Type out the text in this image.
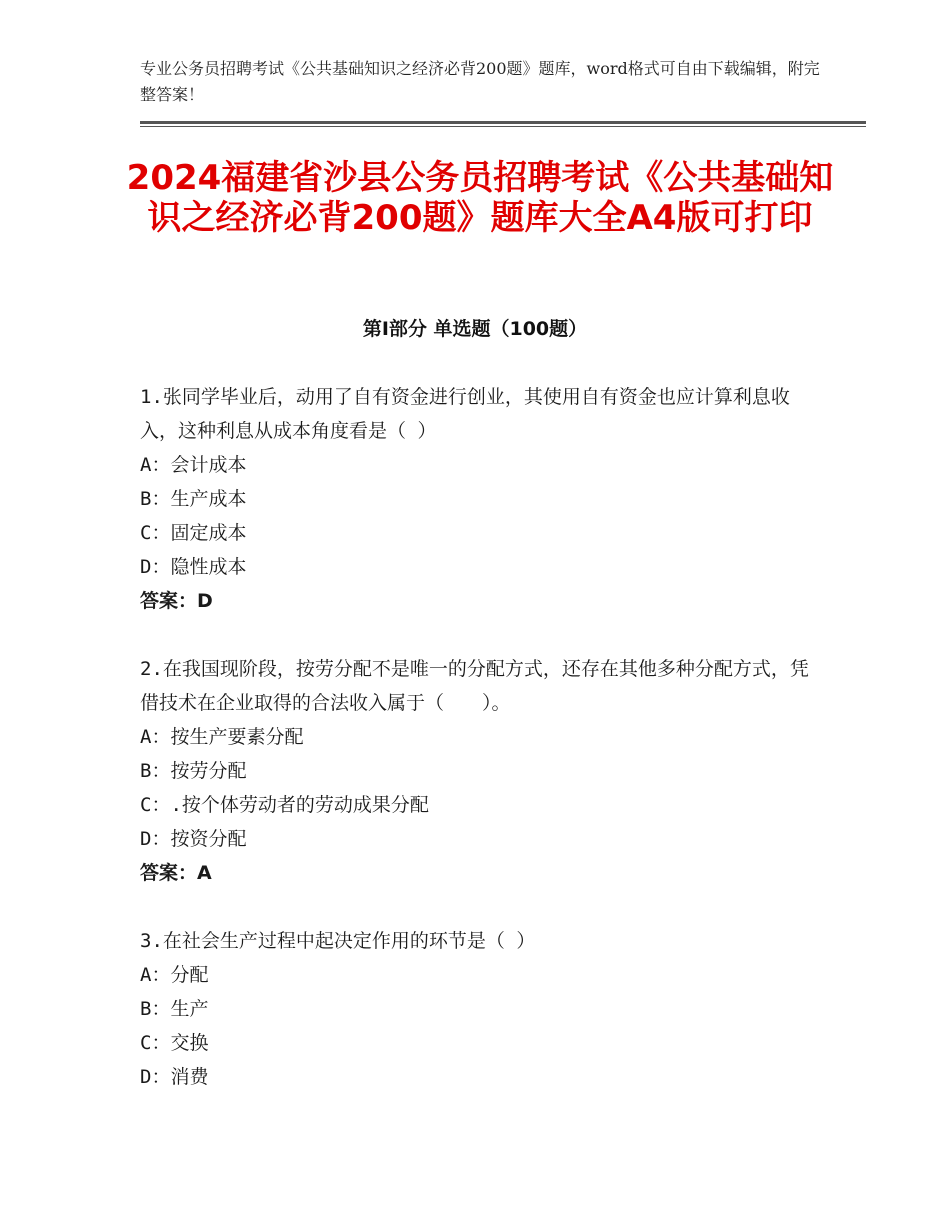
专业公务员招聘考试《公共基础知识之经济必背200题》题库，word格式可自由下载编辑，附完整答案！
2024福建省沙县公务员招聘考试《公共基础知识之经济必背200题》题库大全A4版可打印
第Ⅰ部分 单选题（100题）

1.张同学毕业后，动用了自有资金进行创业，其使用自有资金也应计算利息收入，这种利息从成本角度看是（ ）

A：会计成本

B：生产成本

C：固定成本

D：隐性成本

答案：D

2.在我国现阶段，按劳分配不是唯一的分配方式，还存在其他多种分配方式，凭借技术在企业取得的合法收入属于（　　）。

A：按生产要素分配

B：按劳分配

C：.按个体劳动者的劳动成果分配

D：按资分配

答案：A

3.在社会生产过程中起决定作用的环节是（ ）

A：分配

B：生产

C：交换

D：消费
